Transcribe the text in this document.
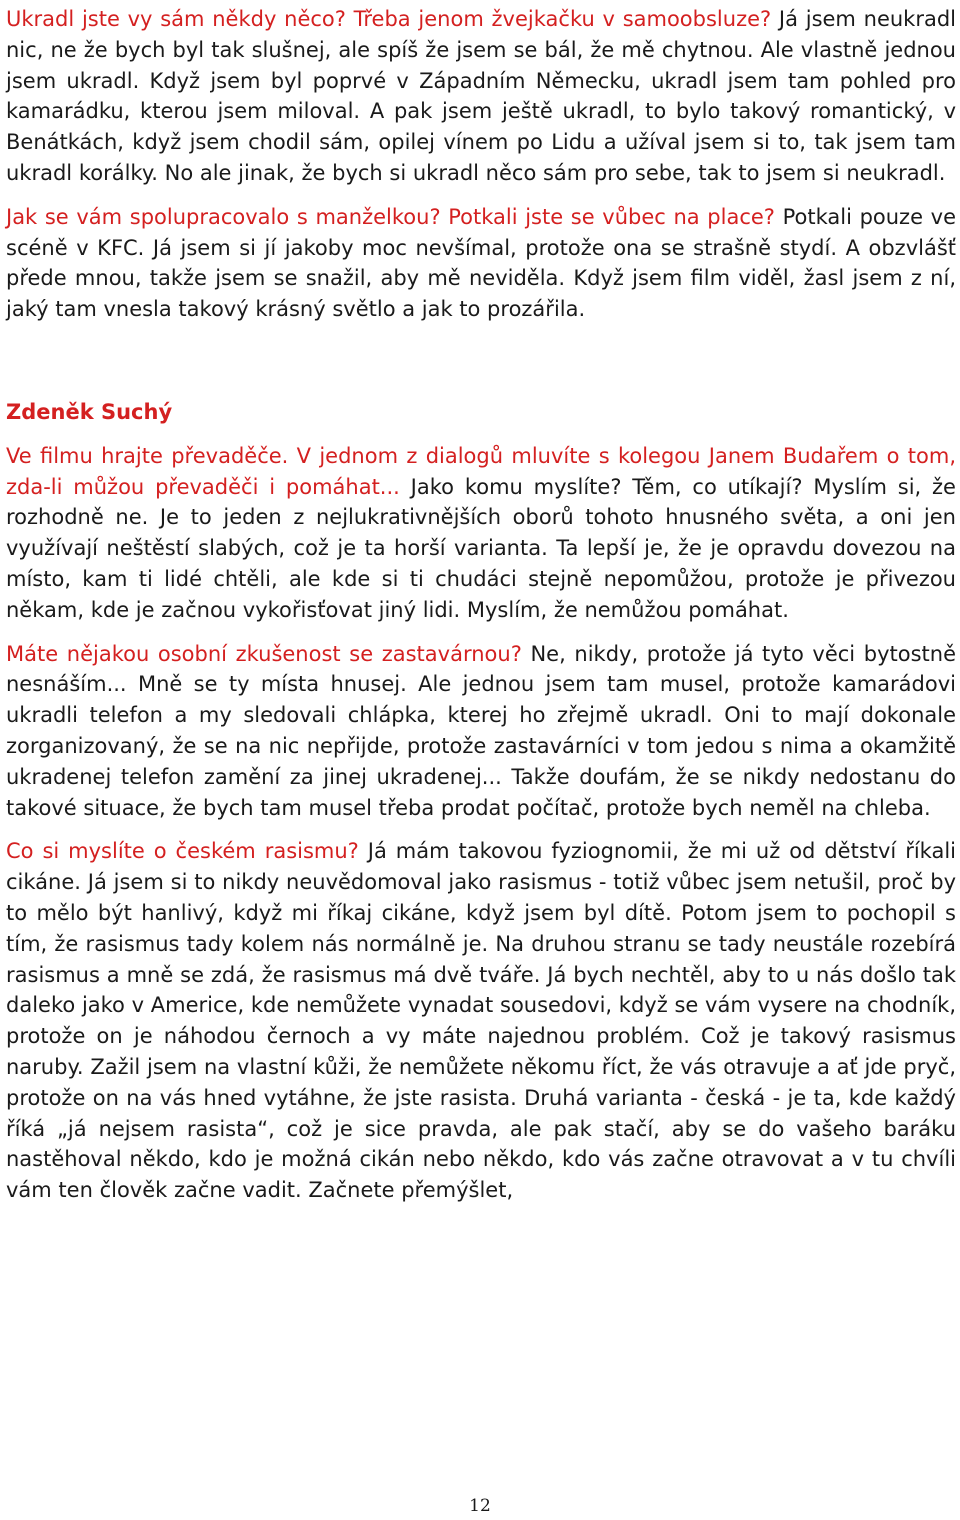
Ukradl jste vy sám někdy něco? Třeba jenom žvejkačku v samoobsluze? Já jsem neukradl nic, ne že bych byl tak slušnej, ale spíš že jsem se bál, že mě chytnou. Ale vlastně jednou jsem ukradl. Když jsem byl poprvé v Západním Německu, ukradl jsem tam pohled pro kamarádku, kterou jsem miloval. A pak jsem ještě ukradl, to bylo takový romantický, v Benátkách, když jsem chodil sám, opilej vínem po Lidu a užíval jsem si to, tak jsem tam ukradl korálky. No ale jinak, že bych si ukradl něco sám pro sebe, tak to jsem si neukradl.

Jak se vám spolupracovalo s manželkou? Potkali jste se vůbec na place? Potkali pouze ve scéně v KFC. Já jsem si jí jakoby moc nevšímal, protože ona se strašně stydí. A obzvlášť přede mnou, takže jsem se snažil, aby mě neviděla. Když jsem film viděl, žasl jsem z ní, jaký tam vnesla takový krásný světlo a jak to prozářila.

Zdeněk Suchý

Ve filmu hrajte převaděče. V jednom z dialogů mluvíte s kolegou Janem Budařem o tom, zda-li můžou převaděči i pomáhat... Jako komu myslíte? Těm, co utíkají? Myslím si, že rozhodně ne. Je to jeden z nejlukrativnějších oborů tohoto hnusného světa, a oni jen využívají neštěstí slabých, což je ta horší varianta. Ta lepší je, že je opravdu dovezou na místo, kam ti lidé chtěli, ale kde si ti chudáci stejně nepomůžou, protože je přivezou někam, kde je začnou vykořisťovat jiný lidi. Myslím, že nemůžou pomáhat.

Máte nějakou osobní zkušenost se zastavárnou? Ne, nikdy, protože já tyto věci bytostně nesnáším... Mně se ty místa hnusej. Ale jednou jsem tam musel, protože kamarádovi ukradli telefon a my sledovali chlápka, kterej ho zřejmě ukradl. Oni to mají dokonale zorganizovaný, že se na nic nepřijde, protože zastavárníci v tom jedou s nima a okamžitě ukradenej telefon zamění za jinej ukradenej... Takže doufám, že se nikdy nedostanu do takové situace, že bych tam musel třeba prodat počítač, protože bych neměl na chleba.

Co si myslíte o českém rasismu? Já mám takovou fyziognomii, že mi už od dětství říkali cikáne. Já jsem si to nikdy neuvědomoval jako rasismus - totiž vůbec jsem netušil, proč by to mělo být hanlivý, když mi říkaj cikáne, když jsem byl dítě. Potom jsem to pochopil s tím, že rasismus tady kolem nás normálně je. Na druhou stranu se tady neustále rozebírá rasismus a mně se zdá, že rasismus má dvě tváře. Já bych nechtěl, aby to u nás došlo tak daleko jako v Americe, kde nemůžete vynadat sousedovi, když se vám vysere na chodník, protože on je náhodou černoch a vy máte najednou problém. Což je takový rasismus naruby. Zažil jsem na vlastní kůži, že nemůžete někomu říct, že vás otravuje a ať jde pryč, protože on na vás hned vytáhne, že jste rasista. Druhá varianta - česká - je ta, kde každý říká „já nejsem rasista“, což je sice pravda, ale pak stačí, aby se do vašeho baráku nastěhoval někdo, kdo je možná cikán nebo někdo, kdo vás začne otravovat a v tu chvíli vám ten člověk začne vadit. Začnete přemýšlet,

12
